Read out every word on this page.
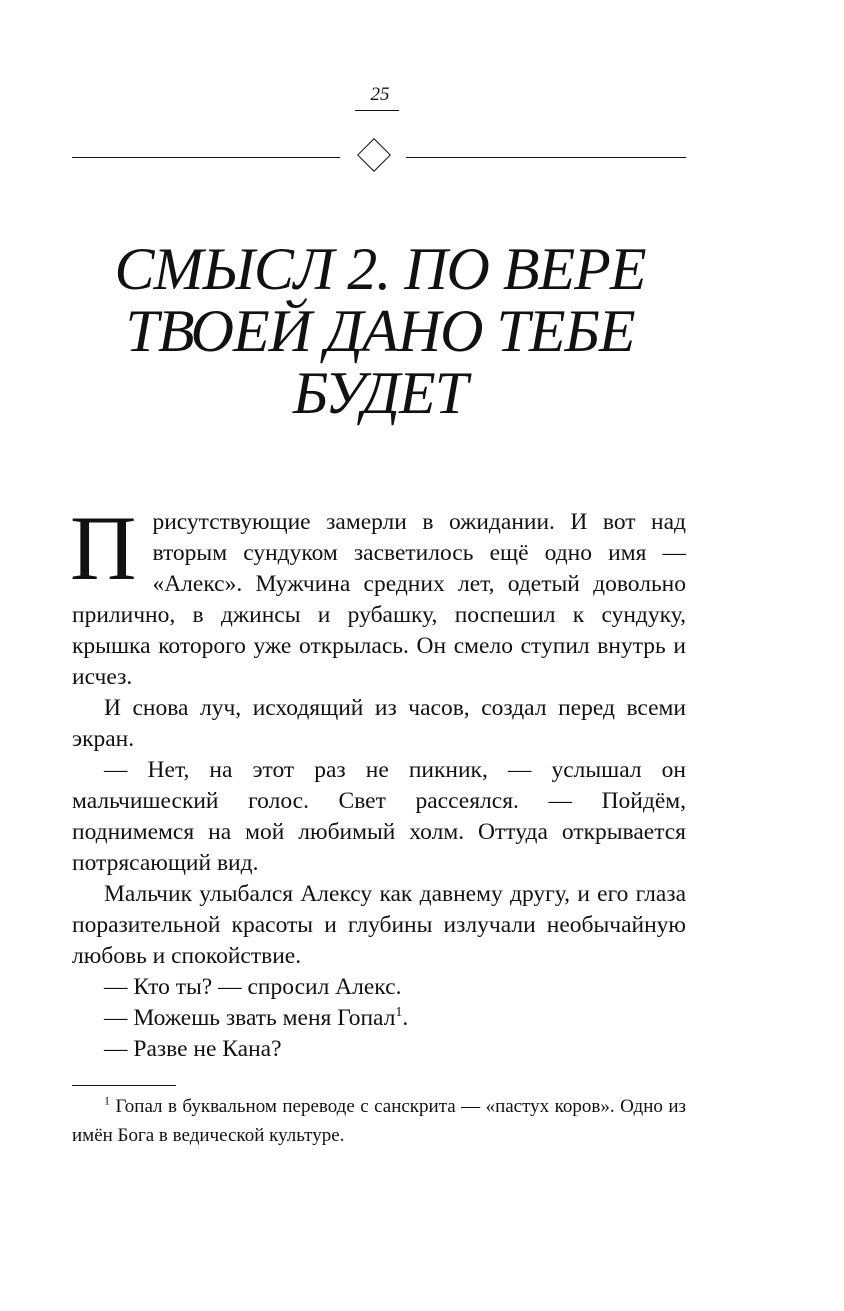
25
СМЫСЛ 2. ПО ВЕРЕ
ТВОЕЙ ДАНО ТЕБЕ
БУДЕТ

Присутствующие замерли в ожидании. И вот над вторым сундуком засветилось ещё одно имя — «Алекс». Мужчина средних лет, одетый довольно прилично, в джинсы и рубашку, поспешил к сундуку, крышка которого уже открылась. Он смело ступил внутрь и исчез.

И снова луч, исходящий из часов, создал перед всеми экран.

— Нет, на этот раз не пикник, — услышал он мальчишеский голос. Свет рассеялся. — Пойдём, поднимемся на мой любимый холм. Оттуда открывается потрясающий вид.

Мальчик улыбался Алексу как давнему другу, и его глаза поразительной красоты и глубины излучали необычайную любовь и спокойствие.

— Кто ты? — спросил Алекс.

— Можешь звать меня Гопал$^1$.

— Разве не Кана?

$^1$ Гопал в буквальном переводе с санскрита — «пастух коров». Одно из имён Бога в ведической культуре.
